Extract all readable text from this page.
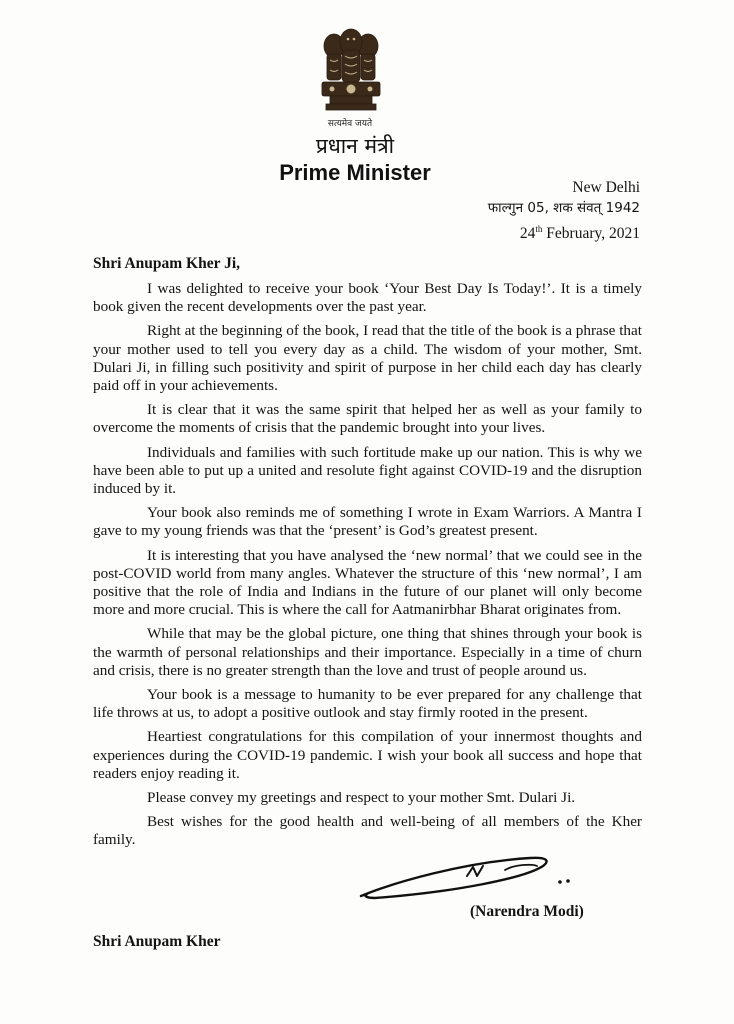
सत्यमेव जयते
प्रधान मंत्री
Prime Minister
New Delhi
फाल्गुन 05, शक संवत् 1942
24th February, 2021
Shri Anupam Kher Ji,

I was delighted to receive your book ‘Your Best Day Is Today!’. It is a timely book given the recent developments over the past year.

Right at the beginning of the book, I read that the title of the book is a phrase that your mother used to tell you every day as a child. The wisdom of your mother, Smt. Dulari Ji, in filling such positivity and spirit of purpose in her child each day has clearly paid off in your achievements.

It is clear that it was the same spirit that helped her as well as your family to overcome the moments of crisis that the pandemic brought into your lives.

Individuals and families with such fortitude make up our nation. This is why we have been able to put up a united and resolute fight against COVID-19 and the disruption induced by it.

Your book also reminds me of something I wrote in Exam Warriors. A Mantra I gave to my young friends was that the ‘present’ is God’s greatest present.

It is interesting that you have analysed the ‘new normal’ that we could see in the post-COVID world from many angles. Whatever the structure of this ‘new normal’, I am positive that the role of India and Indians in the future of our planet will only become more and more crucial. This is where the call for Aatmanirbhar Bharat originates from.

While that may be the global picture, one thing that shines through your book is the warmth of personal relationships and their importance. Especially in a time of churn and crisis, there is no greater strength than the love and trust of people around us.

Your book is a message to humanity to be ever prepared for any challenge that life throws at us, to adopt a positive outlook and stay firmly rooted in the present.

Heartiest congratulations for this compilation of your innermost thoughts and experiences during the COVID-19 pandemic. I wish your book all success and hope that readers enjoy reading it.

Please convey my greetings and respect to your mother Smt. Dulari Ji.

Best wishes for the good health and well-being of all members of the Kher family.

(Narendra Modi)
Shri Anupam Kher
